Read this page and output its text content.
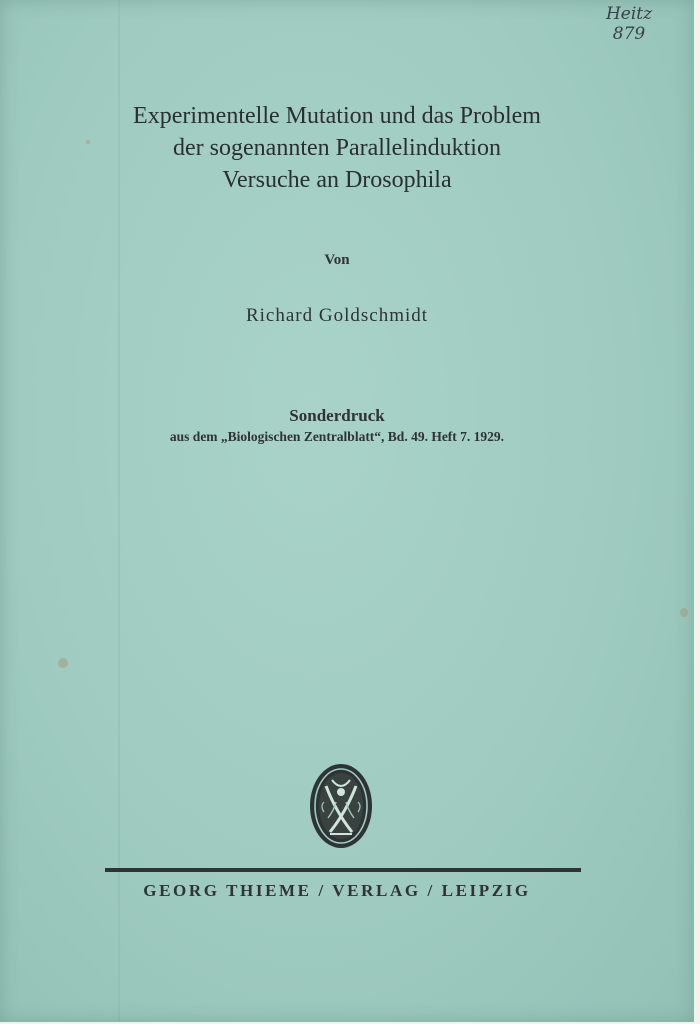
Heitz
879
Experimentelle Mutation und das Problem
der sogenannten Parallelinduktion
Versuche an Drosophila
Von
Richard Goldschmidt
Sonderdruck
aus dem „Biologischen Zentralblatt“, Bd. 49. Heft 7. 1929.
GEORG THIEME / VERLAG / LEIPZIG
